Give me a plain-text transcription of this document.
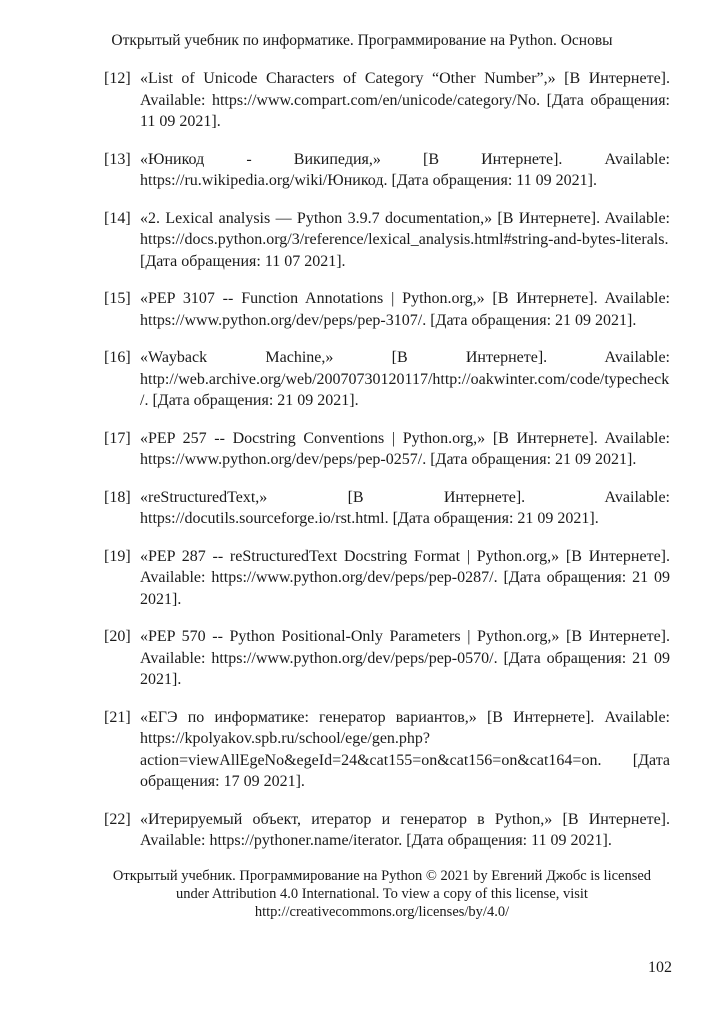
Открытый учебник по информатике. Программирование на Python. Основы
[12] «List of Unicode Characters of Category “Other Number”,» [В Интернете]. Available: https://www.compart.com/en/unicode/category/No. [Дата обращения: 11 09 2021].
[13] «Юникод - Википедия,» [В Интернете]. Available: https://ru.wikipedia.org/wiki/Юникод. [Дата обращения: 11 09 2021].
[14] «2. Lexical analysis — Python 3.9.7 documentation,» [В Интернете]. Available: https://docs.python.org/3/reference/lexical_analysis.html#string-and-bytes-literals. [Дата обращения: 11 07 2021].
[15] «PEP 3107 -- Function Annotations | Python.org,» [В Интернете]. Available: https://www.python.org/dev/peps/pep-3107/. [Дата обращения: 21 09 2021].
[16] «Wayback Machine,» [В Интернете]. Available: http://web.archive.org/web/20070730120117/http://oakwinter.com/code/typecheck/. [Дата обращения: 21 09 2021].
[17] «PEP 257 -- Docstring Conventions | Python.org,» [В Интернете]. Available: https://www.python.org/dev/peps/pep-0257/. [Дата обращения: 21 09 2021].
[18] «reStructuredText,» [В Интернете]. Available: https://docutils.sourceforge.io/rst.html. [Дата обращения: 21 09 2021].
[19] «PEP 287 -- reStructuredText Docstring Format | Python.org,» [В Интернете]. Available: https://www.python.org/dev/peps/pep-0287/. [Дата обращения: 21 09 2021].
[20] «PEP 570 -- Python Positional-Only Parameters | Python.org,» [В Интернете]. Available: https://www.python.org/dev/peps/pep-0570/. [Дата обращения: 21 09 2021].
[21] «ЕГЭ по информатике: генератор вариантов,» [В Интернете]. Available: https://kpolyakov.spb.ru/school/ege/gen.php?action=viewAllEgeNo&egeId=24&cat155=on&cat156=on&cat164=on. [Дата обращения: 17 09 2021].
[22] «Итерируемый объект, итератор и генератор в Python,» [В Интернете]. Available: https://pythoner.name/iterator. [Дата обращения: 11 09 2021].
Открытый учебник. Программирование на Python © 2021 by Евгений Джобс is licensed
under Attribution 4.0 International. To view a copy of this license, visit
http://creativecommons.org/licenses/by/4.0/
102
